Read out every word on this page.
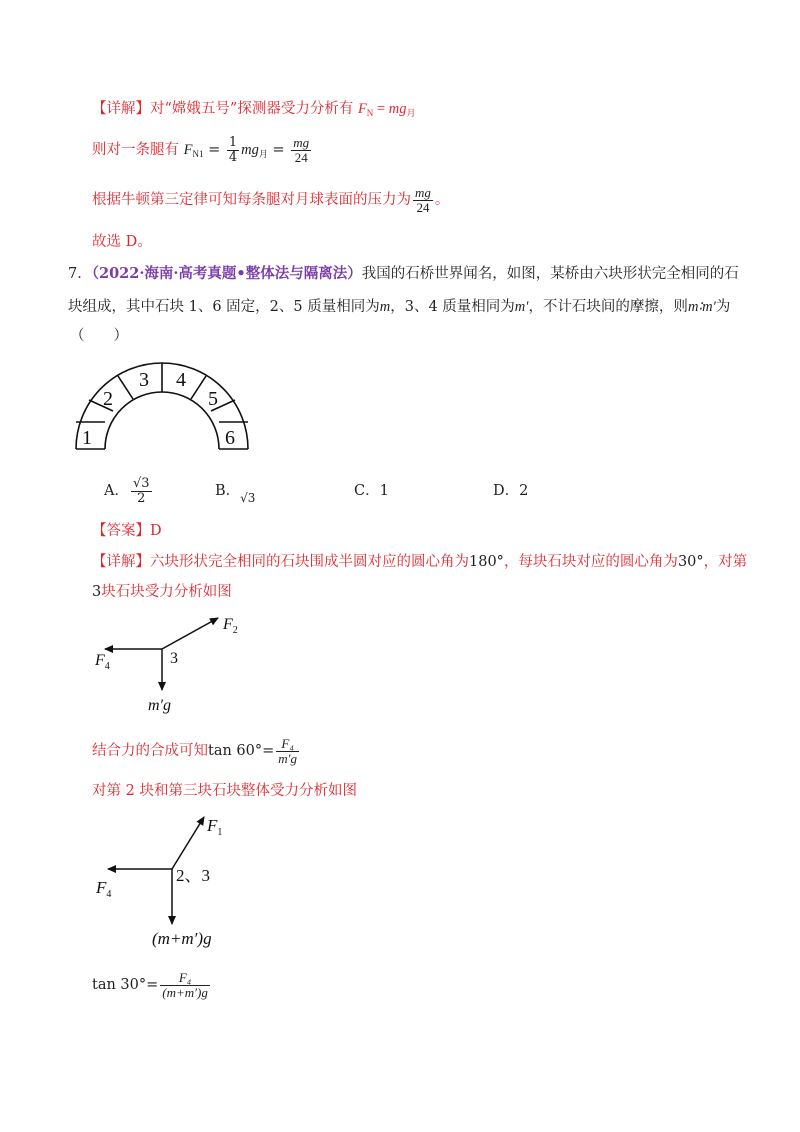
【详解】对“嫦娥五号”探测器受力分析有 $F_N = mg_月$
则对一条腿有 $F_{N1} = \frac{1}{4} mg_月 = \frac{mg}{24}$
根据牛顿第三定律可知每条腿对月球表面的压力为 $\frac{mg}{24}$ 。
故选 D。
7．（2022·海南·高考真题•整体法与隔离法）我国的石桥世界闻名，如图，某桥由六块形状完全相同的石
块组成，其中石块 1、6 固定，2、5 质量相同为m，3、4 质量相同为m′，不计石块间的摩擦，则m∶m′为
（　　）
1
2
3 4
5
6
A． $\frac{√3}{2}$	B．$_{√3}$	C．1	D．2
【答案】D
【详解】六块形状完全相同的石块围成半圆对应的圆心角为180°，每块石块对应的圆心角为30°，对第
3块石块受力分析如图
$F_2$
$F_4$	3
m′g
结合力的合成可知$\tan 60^\circ= \frac{\text{F₄}}{m'g}$
对第 2 块和第三块石块整体受力分析如图
$F_1$
$F_4$
2、3
(m+m′)g
$\tan 30^\circ= \frac{\text{F₄}}{(m+m')g}$
